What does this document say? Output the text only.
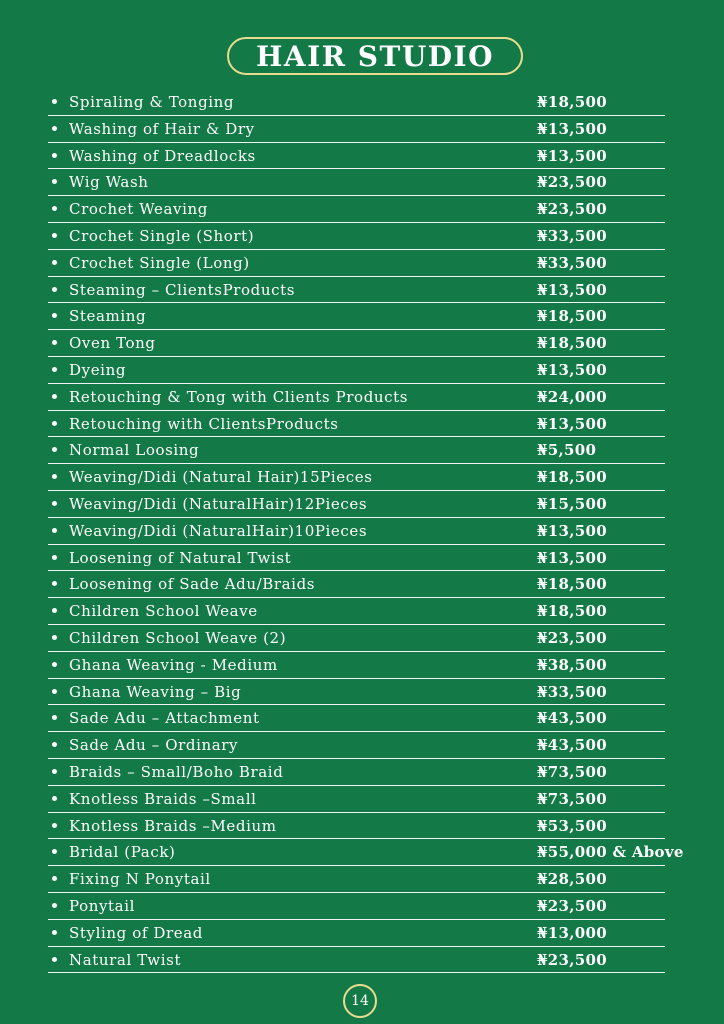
HAIR STUDIO
Spiraling & Tonging	₦18,500
Washing of Hair & Dry	₦13,500
Washing of Dreadlocks	₦13,500
Wig Wash	₦23,500
Crochet Weaving	₦23,500
Crochet Single (Short)	₦33,500
Crochet Single (Long)	₦33,500
Steaming – ClientsProducts	₦13,500
Steaming	₦18,500
Oven Tong	₦18,500
Dyeing	₦13,500
Retouching & Tong with Clients Products	₦24,000
Retouching with ClientsProducts	₦13,500
Normal Loosing	₦5,500
Weaving/Didi (Natural Hair)15Pieces	₦18,500
Weaving/Didi (NaturalHair)12Pieces	₦15,500
Weaving/Didi (NaturalHair)10Pieces	₦13,500
Loosening of Natural Twist	₦13,500
Loosening of Sade Adu/Braids	₦18,500
Children School Weave	₦18,500
Children School Weave (2)	₦23,500
Ghana Weaving - Medium	₦38,500
Ghana Weaving – Big	₦33,500
Sade Adu – Attachment	₦43,500
Sade Adu – Ordinary	₦43,500
Braids – Small/Boho Braid	₦73,500
Knotless Braids –Small	₦73,500
Knotless Braids –Medium	₦53,500
Bridal (Pack)	₦55,000 & Above
Fixing N Ponytail	₦28,500
Ponytail	₦23,500
Styling of Dread	₦13,000
Natural Twist	₦23,500
14
